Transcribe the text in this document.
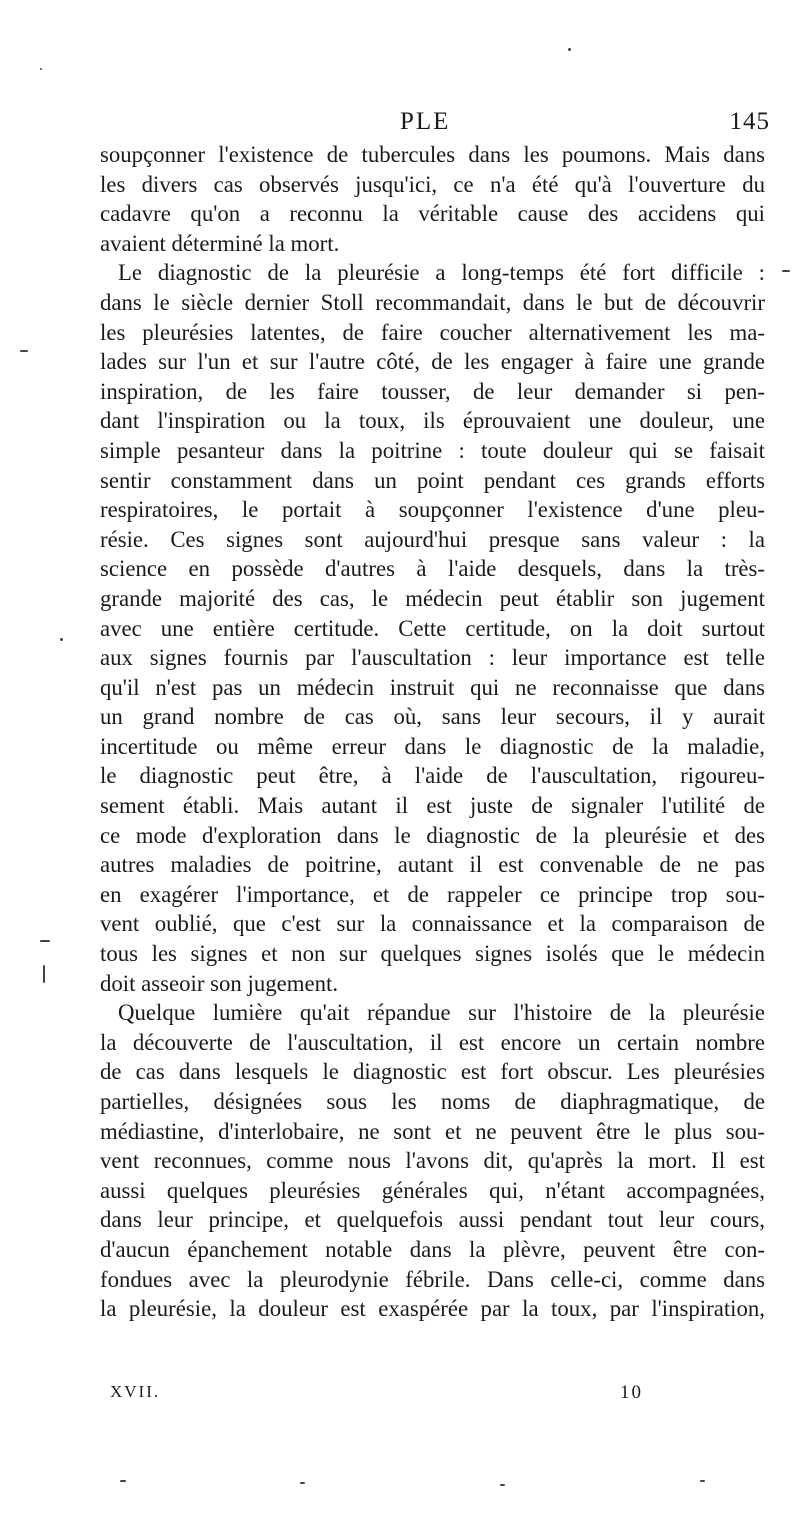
PLE	145
soupçonner l'existence de tubercules dans les poumons. Mais dans
les divers cas observés jusqu'ici, ce n'a été qu'à l'ouverture du
cadavre qu'on a reconnu la véritable cause des accidens qui
avaient déterminé la mort.
Le diagnostic de la pleurésie a long-temps été fort difficile :
dans le siècle dernier Stoll recommandait, dans le but de découvrir
les pleurésies latentes, de faire coucher alternativement les ma-
lades sur l'un et sur l'autre côté, de les engager à faire une grande
inspiration, de les faire tousser, de leur demander si pen-
dant l'inspiration ou la toux, ils éprouvaient une douleur, une
simple pesanteur dans la poitrine : toute douleur qui se faisait
sentir constamment dans un point pendant ces grands efforts
respiratoires, le portait à soupçonner l'existence d'une pleu-
résie. Ces signes sont aujourd'hui presque sans valeur : la
science en possède d'autres à l'aide desquels, dans la très-
grande majorité des cas, le médecin peut établir son jugement
avec une entière certitude. Cette certitude, on la doit surtout
aux signes fournis par l'auscultation : leur importance est telle
qu'il n'est pas un médecin instruit qui ne reconnaisse que dans
un grand nombre de cas où, sans leur secours, il y aurait
incertitude ou même erreur dans le diagnostic de la maladie,
le diagnostic peut être, à l'aide de l'auscultation, rigoureu-
sement établi. Mais autant il est juste de signaler l'utilité de
ce mode d'exploration dans le diagnostic de la pleurésie et des
autres maladies de poitrine, autant il est convenable de ne pas
en exagérer l'importance, et de rappeler ce principe trop sou-
vent oublié, que c'est sur la connaissance et la comparaison de
tous les signes et non sur quelques signes isolés que le médecin
doit asseoir son jugement.
Quelque lumière qu'ait répandue sur l'histoire de la pleurésie
la découverte de l'auscultation, il est encore un certain nombre
de cas dans lesquels le diagnostic est fort obscur. Les pleurésies
partielles, désignées sous les noms de diaphragmatique, de
médiastine, d'interlobaire, ne sont et ne peuvent être le plus sou-
vent reconnues, comme nous l'avons dit, qu'après la mort. Il est
aussi quelques pleurésies générales qui, n'étant accompagnées,
dans leur principe, et quelquefois aussi pendant tout leur cours,
d'aucun épanchement notable dans la plèvre, peuvent être con-
fondues avec la pleurodynie fébrile. Dans celle-ci, comme dans
la pleurésie, la douleur est exaspérée par la toux, par l'inspiration,
XVII.	10
